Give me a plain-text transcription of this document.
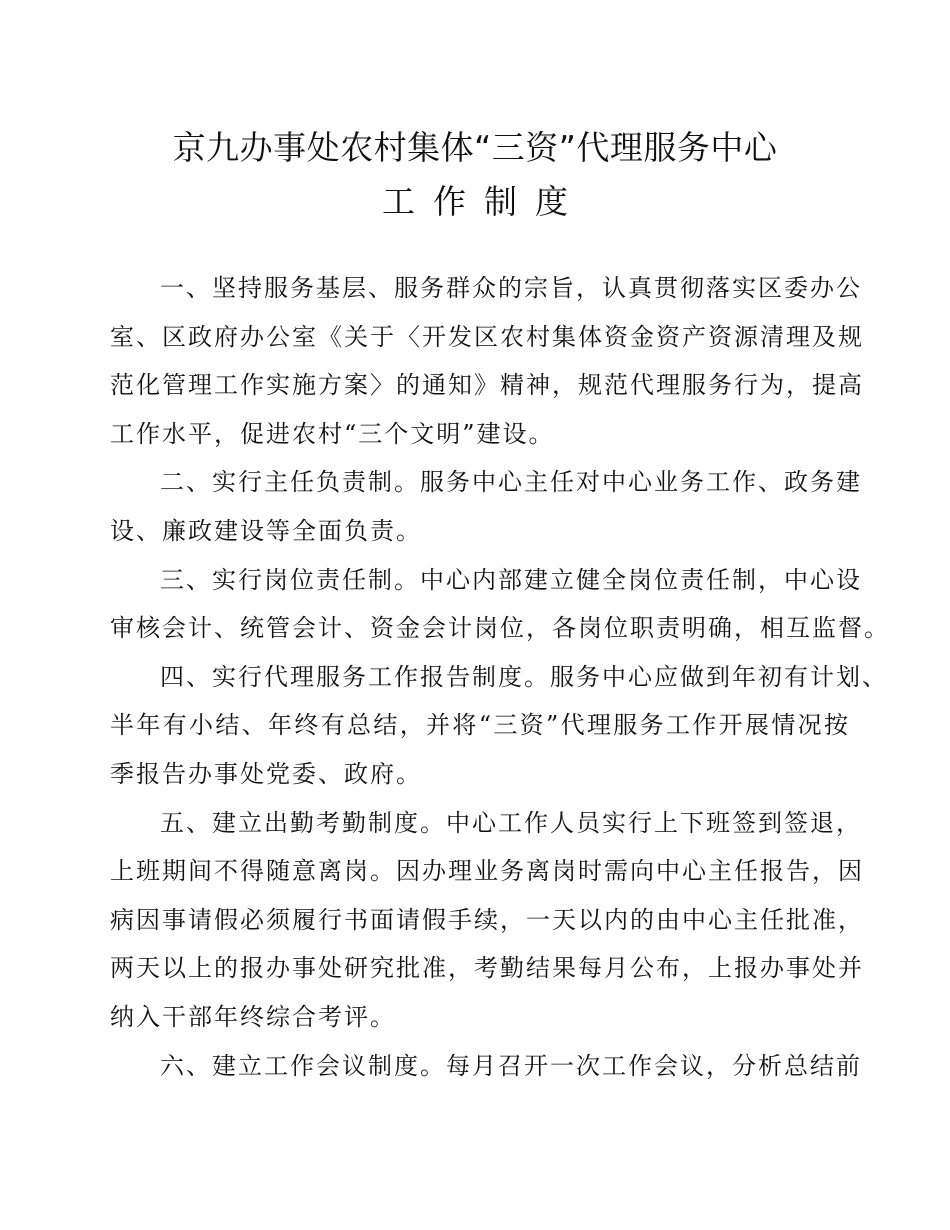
京九办事处农村集体“三资”代理服务中心
工作制度
一、坚持服务基层、服务群众的宗旨，认真贯彻落实区委办公
室、区政府办公室《关于〈开发区农村集体资金资产资源清理及规
范化管理工作实施方案〉的通知》精神，规范代理服务行为，提高
工作水平，促进农村“三个文明”建设。
二、实行主任负责制。服务中心主任对中心业务工作、政务建
设、廉政建设等全面负责。
三、实行岗位责任制。中心内部建立健全岗位责任制，中心设
审核会计、统管会计、资金会计岗位，各岗位职责明确，相互监督。
四、实行代理服务工作报告制度。服务中心应做到年初有计划、
半年有小结、年终有总结，并将“三资”代理服务工作开展情况按
季报告办事处党委、政府。
五、建立出勤考勤制度。中心工作人员实行上下班签到签退，
上班期间不得随意离岗。因办理业务离岗时需向中心主任报告，因
病因事请假必须履行书面请假手续，一天以内的由中心主任批准，
两天以上的报办事处研究批准，考勤结果每月公布，上报办事处并
纳入干部年终综合考评。
六、建立工作会议制度。每月召开一次工作会议，分析总结前
